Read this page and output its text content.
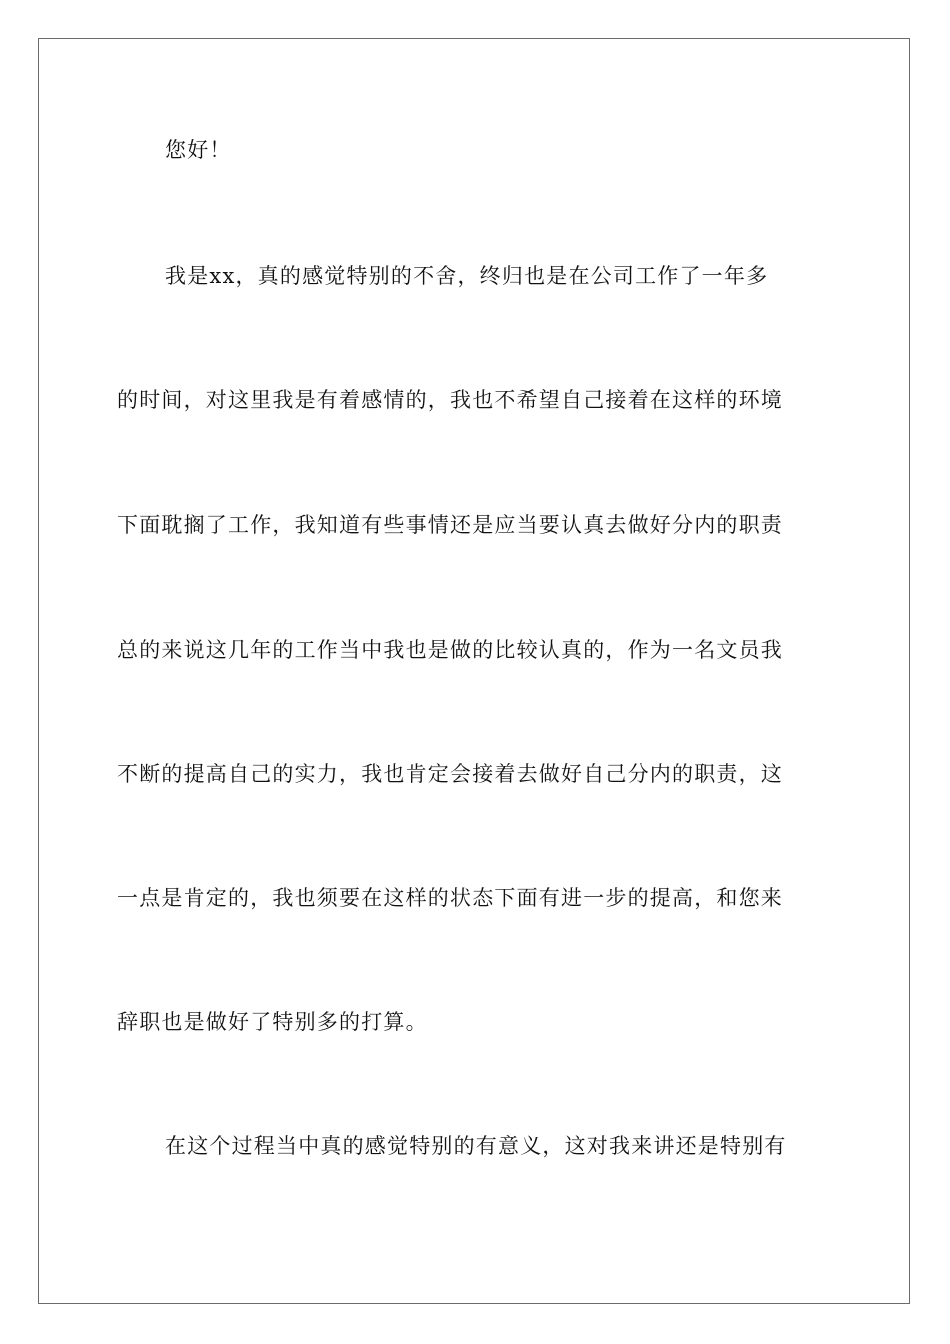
您好！
我是xx，真的感觉特别的不舍，终归也是在公司工作了一年多
的时间，对这里我是有着感情的，我也不希望自己接着在这样的环境
下面耽搁了工作，我知道有些事情还是应当要认真去做好分内的职责
总的来说这几年的工作当中我也是做的比较认真的，作为一名文员我
不断的提高自己的实力，我也肯定会接着去做好自己分内的职责，这
一点是肯定的，我也须要在这样的状态下面有进一步的提高，和您来
辞职也是做好了特别多的打算。
在这个过程当中真的感觉特别的有意义，这对我来讲还是特别有
